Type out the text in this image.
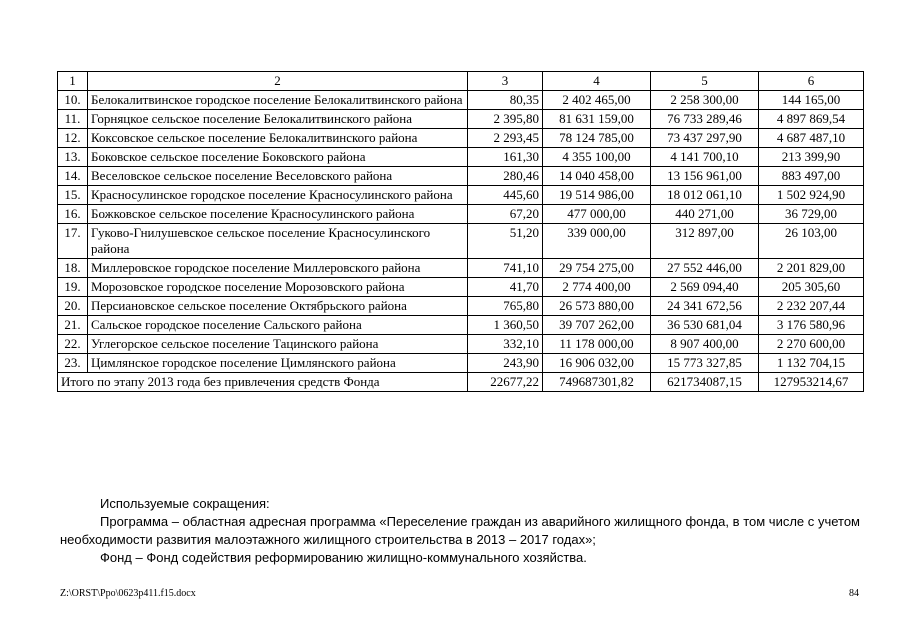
1	2	3	4	5	6
10.	Белокалитвинское городское поселение Белокалитвинского района	80,35	2 402 465,00	2 258 300,00	144 165,00
11.	Горняцкое сельское поселение Белокалитвинского района	2 395,80	81 631 159,00	76 733 289,46	4 897 869,54
12.	Коксовское сельское поселение Белокалитвинского района	2 293,45	78 124 785,00	73 437 297,90	4 687 487,10
13.	Боковское сельское поселение Боковского района	161,30	4 355 100,00	4 141 700,10	213 399,90
14.	Веселовское сельское поселение Веселовского района	280,46	14 040 458,00	13 156 961,00	883 497,00
15.	Красносулинское городское поселение Красносулинского района	445,60	19 514 986,00	18 012 061,10	1 502 924,90
16.	Божковское сельское поселение Красносулинского района	67,20	477 000,00	440 271,00	36 729,00
17.	Гуково-Гнилушевское сельское поселение Красносулинского района	51,20	339 000,00	312 897,00	26 103,00
18.	Миллеровское городское поселение Миллеровского района	741,10	29 754 275,00	27 552 446,00	2 201 829,00
19.	Морозовское городское поселение Морозовского района	41,70	2 774 400,00	2 569 094,40	205 305,60
20.	Персиановское сельское поселение Октябрьского района	765,80	26 573 880,00	24 341 672,56	2 232 207,44
21.	Сальское городское поселение Сальского района	1 360,50	39 707 262,00	36 530 681,04	3 176 580,96
22.	Углегорское сельское поселение Тацинского района	332,10	11 178 000,00	8 907 400,00	2 270 600,00
23.	Цимлянское городское поселение Цимлянского района	243,90	16 906 032,00	15 773 327,85	1 132 704,15
Итого по этапу 2013 года без привлечения средств Фонда		22677,22	749687301,82	621734087,15	127953214,67

Используемые сокращения:

Программа – областная адресная программа «Переселение граждан из аварийного жилищного фонда, в том числе с учетом необходимости развития малоэтажного жилищного строительства в 2013 – 2017 годах»;

Фонд – Фонд содействия реформированию жилищно-коммунального хозяйства.

Z:\ORST\Ppo\0623p411.f15.docx	84
